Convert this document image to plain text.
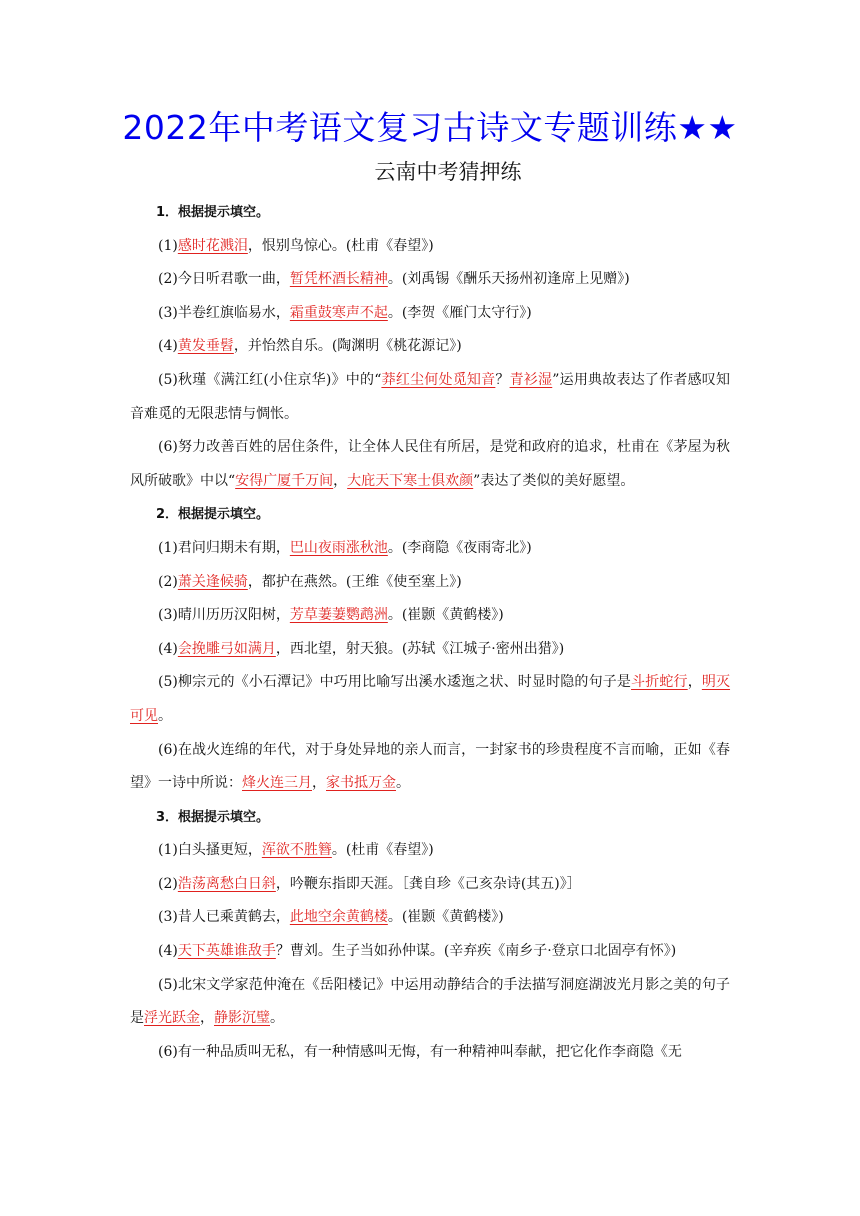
2022年中考语文复习古诗文专题训练★★
云南中考猜押练

1．根据提示填空。

(1)感时花溅泪，恨别鸟惊心。(杜甫《春望》)

(2)今日听君歌一曲，暂凭杯酒长精神。(刘禹锡《酬乐天扬州初逢席上见赠》)

(3)半卷红旗临易水，霜重鼓寒声不起。(李贺《雁门太守行》)

(4)黄发垂髫，并怡然自乐。(陶渊明《桃花源记》)

(5)秋瑾《满江红(小住京华)》中的“莽红尘何处觅知音？青衫湿”运用典故表达了作者感叹知音难觅的无限悲情与惆怅。

(6)努力改善百姓的居住条件，让全体人民住有所居，是党和政府的追求，杜甫在《茅屋为秋风所破歌》中以“安得广厦千万间，大庇天下寒士俱欢颜”表达了类似的美好愿望。

2．根据提示填空。

(1)君问归期未有期，巴山夜雨涨秋池。(李商隐《夜雨寄北》)

(2)萧关逢候骑，都护在燕然。(王维《使至塞上》)

(3)晴川历历汉阳树，芳草萋萋鹦鹉洲。(崔颢《黄鹤楼》)

(4)会挽雕弓如满月，西北望，射天狼。(苏轼《江城子·密州出猎》)

(5)柳宗元的《小石潭记》中巧用比喻写出溪水逶迤之状、时显时隐的句子是斗折蛇行，明灭可见。

(6)在战火连绵的年代，对于身处异地的亲人而言，一封家书的珍贵程度不言而喻，正如《春望》一诗中所说：烽火连三月，家书抵万金。

3．根据提示填空。

(1)白头搔更短，浑欲不胜簪。(杜甫《春望》)

(2)浩荡离愁白日斜，吟鞭东指即天涯。［龚自珍《己亥杂诗(其五)》］

(3)昔人已乘黄鹤去，此地空余黄鹤楼。(崔颢《黄鹤楼》)

(4)天下英雄谁敌手？曹刘。生子当如孙仲谋。(辛弃疾《南乡子·登京口北固亭有怀》)

(5)北宋文学家范仲淹在《岳阳楼记》中运用动静结合的手法描写洞庭湖波光月影之美的句子是浮光跃金，静影沉璧。

(6)有一种品质叫无私，有一种情感叫无悔，有一种精神叫奉献，把它化作李商隐《无
